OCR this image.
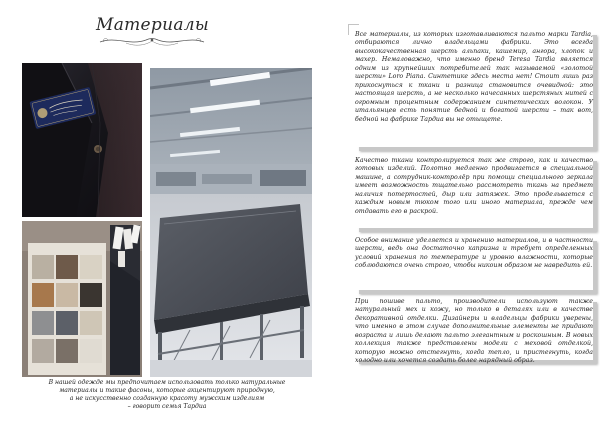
Материалы
В нашей одежде мы предпочитаем использовать только натуральные
материалы и такие фасоны, которые акцентируют природную,
а не искусственно созданную красоту мужским изделиям
– говорит семья Тардиа

Все материалы, из которых изготавливаются пальто марки Tardia, отбираются лично владельцами фабрики. Это всегда высококачественная шерсть альпаки, кашемир, ангора, хлопок и махер. Немаловажно, что именно бренд Teresa Tardia является одним из крупнейших потребителей так называемой «золотой шерсти» Loro Piana. Синтетике здесь места нет! Стоит лишь раз прикоснуться к ткани и разница становится очевидной: это настоящая шерсть, а не несколько начесанных шерстяных нитей с огромным процентным содержанием синтетических волокон. У итальянцев есть понятие бедной и богатой шерсти – так вот, бедной на фабрике Тардиа вы не отыщете.

Качество ткани контролируется так же строго, как и качество готовых изделий. Полотно медленно продвигается в специальной машине, а сотрудник-контролёр при помощи специального зеркала имеет возможность тщательно рассмотреть ткань на предмет наличия потертостей, дыр или затяжек. Это продельвается с каждым новым тюком того или иного материала, прежде чем отдавать его в раскрой.

Особое внимание уделяется и хранению материалов, и в частности шерсти, ведь она достаточно капризна и требует определенных условий хранения по температуре и уровню влажности, которые соблюдаются очень строго, чтобы никоим образом не навредить ей.

При пошиве пальто, производители используют также натуральный мех и кожу, но только в деталях или в качестве декоративной отделки. Дизайнеры и владельцы фабрики уверены, что именно в этом случае дополнительные элементы не придают возраста и лишь делают пальто элегантным и роскошным. В новых коллекция также представлены модели с меховой отделкой, которую можно отстегнуть, когда тепло, и пристегнуть, когда холодно или хочется создать более нарядный образ.
